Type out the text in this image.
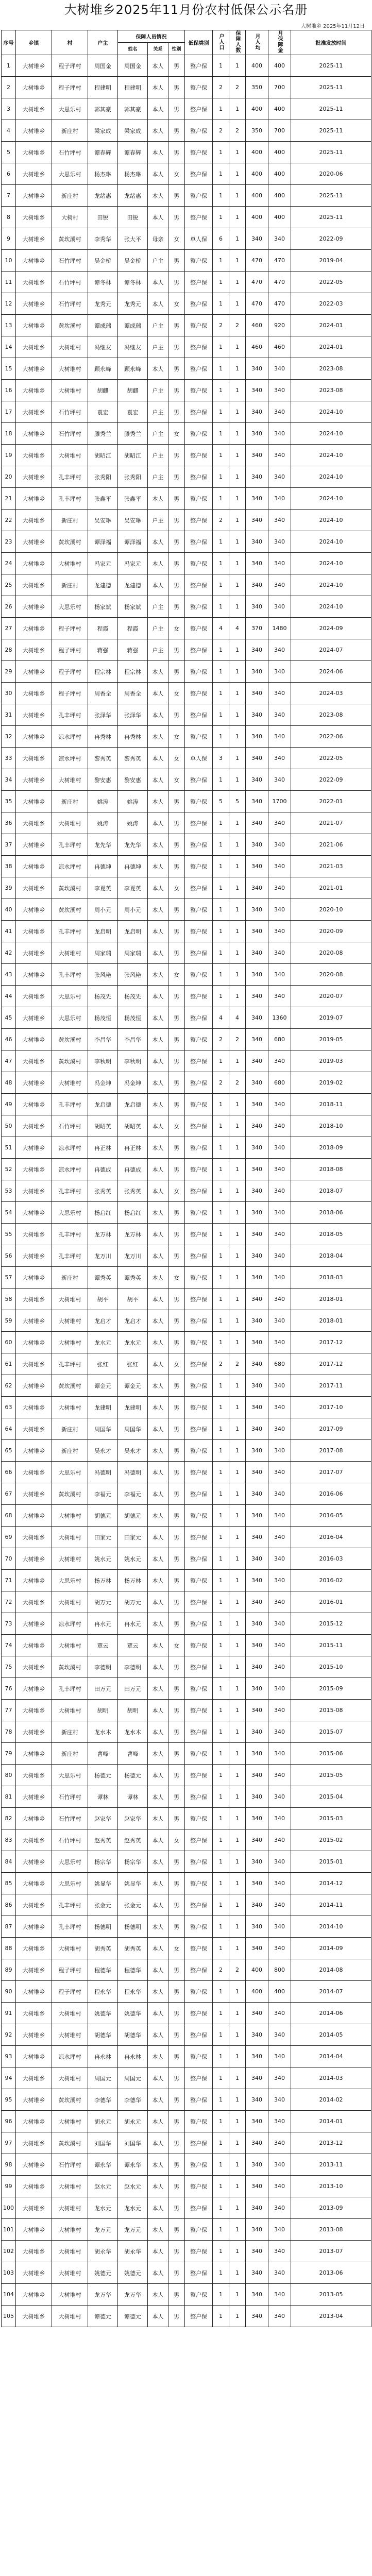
大树堆乡2025年11月份农村低保公示名册
大树堆乡 2025年11月12日
序号	乡镇	村	户主	保障人员情况			低保类别	户人口	保障人数	月人均	月保障金	批准发放时间
				姓名	关系	性别						
1	大树堆乡	程子坪村	周国金	周国金	本人	男	整户保	1	1	400	400	2025-11
2	大树堆乡	程子坪村	程建明	程建明	本人	男	整户保	2	2	350	700	2025-11
3	大树堆乡	大思乐村	郭其豪	郭其豪	本人	男	整户保	1	1	400	400	2025-11
4	大树堆乡	新庄村	梁家成	梁家成	本人	男	整户保	2	2	350	700	2025-11
5	大树堆乡	石竹坪村	谭春辉	谭春辉	本人	男	整户保	1	1	400	400	2025-11
6	大树堆乡	大思乐村	杨杰琳	杨杰琳	本人	女	整户保	1	1	400	400	2020-06
7	大树堆乡	新庄村	龙绪惠	龙绪惠	本人	男	整户保	1	1	400	400	2025-11
8	大树堆乡	大树村	田锐	田锐	本人	男	整户保	1	1	400	400	2025-11
9	大树堆乡	黄坎溪村	李秀华	张大平	母亲	女	单人保	6	1	340	340	2022-09
10	大树堆乡	石竹坪村	吴金桥	吴金桥	户主	男	整户保	1	1	470	470	2019-04
11	大树堆乡	石竹坪村	谭冬林	谭冬林	本人	男	整户保	1	1	470	470	2022-05
12	大树堆乡	石竹坪村	龙秀元	龙秀元	本人	女	整户保	1	1	470	470	2022-03
13	大树堆乡	黄坎溪村	谭成瑞	谭成瑞	户主	男	整户保	2	2	460	920	2024-01
14	大树堆乡	大树堆村	冯继友	冯继友	户主	男	整户保	1	1	460	460	2024-01
15	大树堆乡	大树堆村	顾永峰	顾永峰	本人	男	整户保	1	1	340	340	2023-08
16	大树堆乡	大树堆村	胡麒	胡麒	户主	男	整户保	1	1	340	340	2023-08
17	大树堆乡	石竹坪村	袁宏	袁宏	户主	男	整户保	1	1	340	340	2024-10
18	大树堆乡	石竹坪村	滕秀兰	滕秀兰	户主	女	整户保	1	1	340	340	2024-10
19	大树堆乡	大树堆村	胡昭江	胡昭江	户主	男	整户保	1	1	340	340	2024-10
20	大树堆乡	孔丰坪村	张秀阳	张秀阳	户主	男	整户保	1	1	340	340	2024-10
21	大树堆乡	孔丰坪村	张鑫平	张鑫平	本人	男	整户保	1	1	340	340	2024-10
22	大树堆乡	新庄村	吴安琳	吴安琳	户主	男	整户保	2	1	340	340	2024-10
23	大树堆乡	黄坎溪村	谭泽福	谭泽福	本人	男	整户保	1	1	340	340	2024-10
24	大树堆乡	大树堆村	冯家元	冯家元	本人	男	整户保	1	1	340	340	2024-10
25	大树堆乡	新庄村	龙建德	龙建德	本人	男	整户保	1	1	340	340	2024-10
26	大树堆乡	大思乐村	杨家斌	杨家斌	户主	男	整户保	1	1	340	340	2024-10
27	大树堆乡	程子坪村	程霞	程霞	户主	女	整户保	4	4	370	1480	2024-09
28	大树堆乡	程子坪村	蒋强	蒋强	户主	男	整户保	1	1	340	340	2024-07
29	大树堆乡	程子坪村	程宗林	程宗林	本人	男	整户保	1	1	340	340	2024-06
30	大树堆乡	程子坪村	周香全	周香全	本人	女	整户保	1	1	340	340	2024-03
31	大树堆乡	孔丰坪村	张泽华	张泽华	本人	男	整户保	1	1	340	340	2023-08
32	大树堆乡	凉水坪村	冉秀林	冉秀林	本人	女	整户保	1	1	340	340	2022-06
33	大树堆乡	凉水坪村	黎秀英	黎秀英	本人	女	单人保	3	1	340	340	2022-05
34	大树堆乡	大树堆村	黎安惠	黎安惠	本人	女	整户保	1	1	340	340	2022-09
35	大树堆乡	新庄村	姚涛	姚涛	本人	男	整户保	5	5	340	1700	2022-01
36	大树堆乡	大树堆村	姚涛	姚涛	本人	男	整户保	1	1	340	340	2021-07
37	大树堆乡	孔丰坪村	龙先华	龙先华	本人	男	整户保	1	1	340	340	2021-06
38	大树堆乡	凉水坪村	冉德坤	冉德坤	本人	男	整户保	1	1	340	340	2021-03
39	大树堆乡	黄坎溪村	李夏英	李夏英	本人	女	整户保	1	1	340	340	2021-01
40	大树堆乡	黄坎溪村	周小元	周小元	本人	男	整户保	1	1	340	340	2020-10
41	大树堆乡	孔丰坪村	龙启明	龙启明	本人	男	整户保	1	1	340	340	2020-09
42	大树堆乡	大树堆村	周家瑞	周家瑞	本人	男	整户保	1	1	340	340	2020-08
43	大树堆乡	孔丰坪村	张风艳	张风艳	本人	女	整户保	1	1	340	340	2020-08
44	大树堆乡	大思乐村	杨茂先	杨茂先	本人	男	整户保	1	1	340	340	2020-07
45	大树堆乡	大思乐村	杨茂恒	杨茂恒	本人	男	整户保	4	4	340	1360	2019-07
46	大树堆乡	黄坎溪村	李昌华	李昌华	本人	男	整户保	2	2	340	680	2019-05
47	大树堆乡	黄坎溪村	李秋明	李秋明	本人	男	整户保	1	1	340	340	2019-03
48	大树堆乡	大树堆村	冯金坤	冯金坤	本人	男	整户保	2	2	340	680	2019-02
49	大树堆乡	孔丰坪村	龙启德	龙启德	本人	男	整户保	1	1	340	340	2018-11
50	大树堆乡	石竹坪村	胡昭英	胡昭英	本人	女	整户保	1	1	340	340	2018-10
51	大树堆乡	凉水坪村	冉正林	冉正林	本人	男	整户保	1	1	340	340	2018-09
52	大树堆乡	凉水坪村	冉德成	冉德成	本人	男	整户保	1	1	340	340	2018-08
53	大树堆乡	孔丰坪村	张秀英	张秀英	本人	女	整户保	1	1	340	340	2018-07
54	大树堆乡	大思乐村	杨启红	杨启红	本人	男	整户保	1	1	340	340	2018-06
55	大树堆乡	孔丰坪村	龙万林	龙万林	本人	男	整户保	1	1	340	340	2018-05
56	大树堆乡	孔丰坪村	龙万川	龙万川	本人	男	整户保	1	1	340	340	2018-04
57	大树堆乡	新庄村	谭秀英	谭秀英	本人	女	整户保	1	1	340	340	2018-03
58	大树堆乡	大树堆村	胡平	胡平	本人	男	整户保	1	1	340	340	2018-01
59	大树堆乡	大树堆村	龙启才	龙启才	本人	男	整户保	1	1	340	340	2018-01
60	大树堆乡	大树堆村	龙水元	龙水元	本人	男	整户保	1	1	340	340	2017-12
61	大树堆乡	孔丰坪村	张红	张红	本人	女	整户保	2	2	340	680	2017-12
62	大树堆乡	黄坎溪村	谭金元	谭金元	本人	男	整户保	1	1	340	340	2017-11
63	大树堆乡	大树堆村	龙建明	龙建明	本人	男	整户保	1	1	340	340	2017-10
64	大树堆乡	新庄村	周国华	周国华	本人	男	整户保	1	1	340	340	2017-09
65	大树堆乡	新庄村	吴永才	吴永才	本人	男	整户保	1	1	340	340	2017-08
66	大树堆乡	大思乐村	冯德明	冯德明	本人	男	整户保	1	1	340	340	2017-07
67	大树堆乡	黄坎溪村	李福元	李福元	本人	男	整户保	1	1	340	340	2016-06
68	大树堆乡	大树堆村	胡德元	胡德元	本人	男	整户保	1	1	340	340	2016-05
69	大树堆乡	大树堆村	田家元	田家元	本人	男	整户保	1	1	340	340	2016-04
70	大树堆乡	大树堆村	姚水元	姚水元	本人	男	整户保	1	1	340	340	2016-03
71	大树堆乡	大思乐村	杨万林	杨万林	本人	男	整户保	1	1	340	340	2016-02
72	大树堆乡	大树堆村	胡万元	胡万元	本人	男	整户保	1	1	340	340	2016-01
73	大树堆乡	凉水坪村	冉水元	冉水元	本人	男	整户保	1	1	340	340	2015-12
74	大树堆乡	大树堆村	覃云	覃云	本人	女	整户保	1	1	340	340	2015-11
75	大树堆乡	黄坎溪村	李德明	李德明	本人	男	整户保	1	1	340	340	2015-10
76	大树堆乡	孔丰坪村	田万元	田万元	本人	男	整户保	1	1	340	340	2015-09
77	大树堆乡	大树堆村	胡明	胡明	本人	男	整户保	1	1	340	340	2015-08
78	大树堆乡	新庄村	龙水木	龙水木	本人	男	整户保	1	1	340	340	2015-07
79	大树堆乡	新庄村	曹峰	曹峰	本人	男	整户保	1	1	340	340	2015-06
80	大树堆乡	大思乐村	杨德元	杨德元	本人	男	整户保	1	1	340	340	2015-05
81	大树堆乡	石竹坪村	谭林	谭林	本人	男	整户保	1	1	340	340	2015-04
82	大树堆乡	石竹坪村	赵家华	赵家华	本人	男	整户保	1	1	340	340	2015-03
83	大树堆乡	石竹坪村	赵秀英	赵秀英	本人	女	整户保	1	1	340	340	2015-02
84	大树堆乡	大思乐村	杨宗华	杨宗华	本人	男	整户保	1	1	340	340	2015-01
85	大树堆乡	大思乐村	姚显华	姚显华	本人	男	整户保	1	1	340	340	2014-12
86	大树堆乡	孔丰坪村	张金元	张金元	本人	男	整户保	1	1	340	340	2014-11
87	大树堆乡	孔丰坪村	杨德明	杨德明	本人	男	整户保	1	1	340	340	2014-10
88	大树堆乡	大树堆村	胡秀英	胡秀英	本人	女	整户保	1	1	340	340	2014-09
89	大树堆乡	程子坪村	程德华	程德华	本人	男	整户保	2	2	400	800	2014-08
90	大树堆乡	程子坪村	程永华	程永华	本人	男	整户保	1	1	400	400	2014-07
91	大树堆乡	大树堆村	姚德华	姚德华	本人	男	整户保	1	1	340	340	2014-06
92	大树堆乡	大树堆村	胡德华	胡德华	本人	男	整户保	1	1	340	340	2014-05
93	大树堆乡	凉水坪村	冉永林	冉永林	本人	男	整户保	1	1	340	340	2014-04
94	大树堆乡	大树堆村	周国元	周国元	本人	男	整户保	1	1	340	340	2014-03
95	大树堆乡	黄坎溪村	李德华	李德华	本人	男	整户保	1	1	340	340	2014-02
96	大树堆乡	大树堆村	胡永元	胡永元	本人	男	整户保	1	1	340	340	2014-01
97	大树堆乡	黄坎溪村	刘国华	刘国华	本人	男	整户保	1	1	340	340	2013-12
98	大树堆乡	石竹坪村	谭永华	谭永华	本人	男	整户保	1	1	340	340	2013-11
99	大树堆乡	大树堆村	赵水元	赵水元	本人	男	整户保	1	1	340	340	2013-10
100	大树堆乡	大树堆村	龙水元	龙水元	本人	男	整户保	1	1	340	340	2013-09
101	大树堆乡	大树堆村	龙万元	龙万元	本人	男	整户保	1	1	340	340	2013-08
102	大树堆乡	大树堆村	胡永华	胡永华	本人	男	整户保	1	1	340	340	2013-07
103	大树堆乡	大树堆村	姚德元	姚德元	本人	男	整户保	1	1	340	340	2013-06
104	大树堆乡	大树堆村	龙万华	龙万华	本人	男	整户保	1	1	340	340	2013-05
105	大树堆乡	大树堆村	谭德元	谭德元	本人	男	整户保	1	1	340	340	2013-04
